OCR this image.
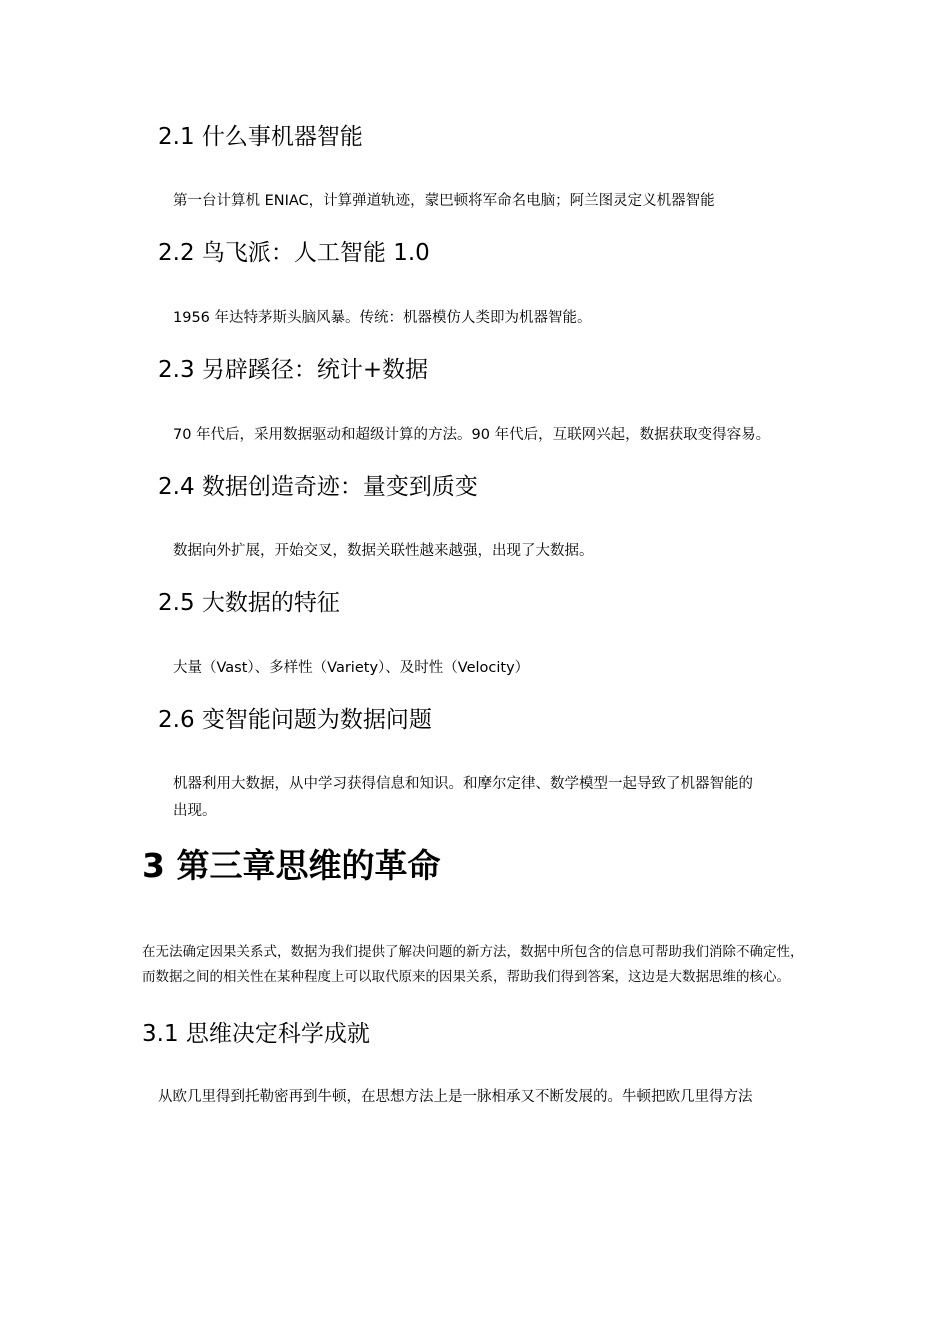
2.1 什么事机器智能

第一台计算机 ENIAC，计算弹道轨迹，蒙巴顿将军命名电脑；阿兰图灵定义机器智能

2.2 鸟飞派：人工智能 1.0

1956 年达特茅斯头脑风暴。传统：机器模仿人类即为机器智能。

2.3 另辟蹊径：统计+数据

70 年代后，采用数据驱动和超级计算的方法。90 年代后，互联网兴起，数据获取变得容易。

2.4 数据创造奇迹：量变到质变

数据向外扩展，开始交叉，数据关联性越来越强，出现了大数据。

2.5 大数据的特征

大量（Vast）、多样性（Variety）、及时性（Velocity）

2.6 变智能问题为数据问题

机器利用大数据，从中学习获得信息和知识。和摩尔定律、数学模型一起导致了机器智能的

出现。

3 第三章思维的革命

在无法确定因果关系式，数据为我们提供了解决问题的新方法，数据中所包含的信息可帮助我们消除不确定性，

而数据之间的相关性在某种程度上可以取代原来的因果关系，帮助我们得到答案，这边是大数据思维的核心。

3.1 思维决定科学成就

从欧几里得到托勒密再到牛顿，在思想方法上是一脉相承又不断发展的。牛顿把欧几里得方法
